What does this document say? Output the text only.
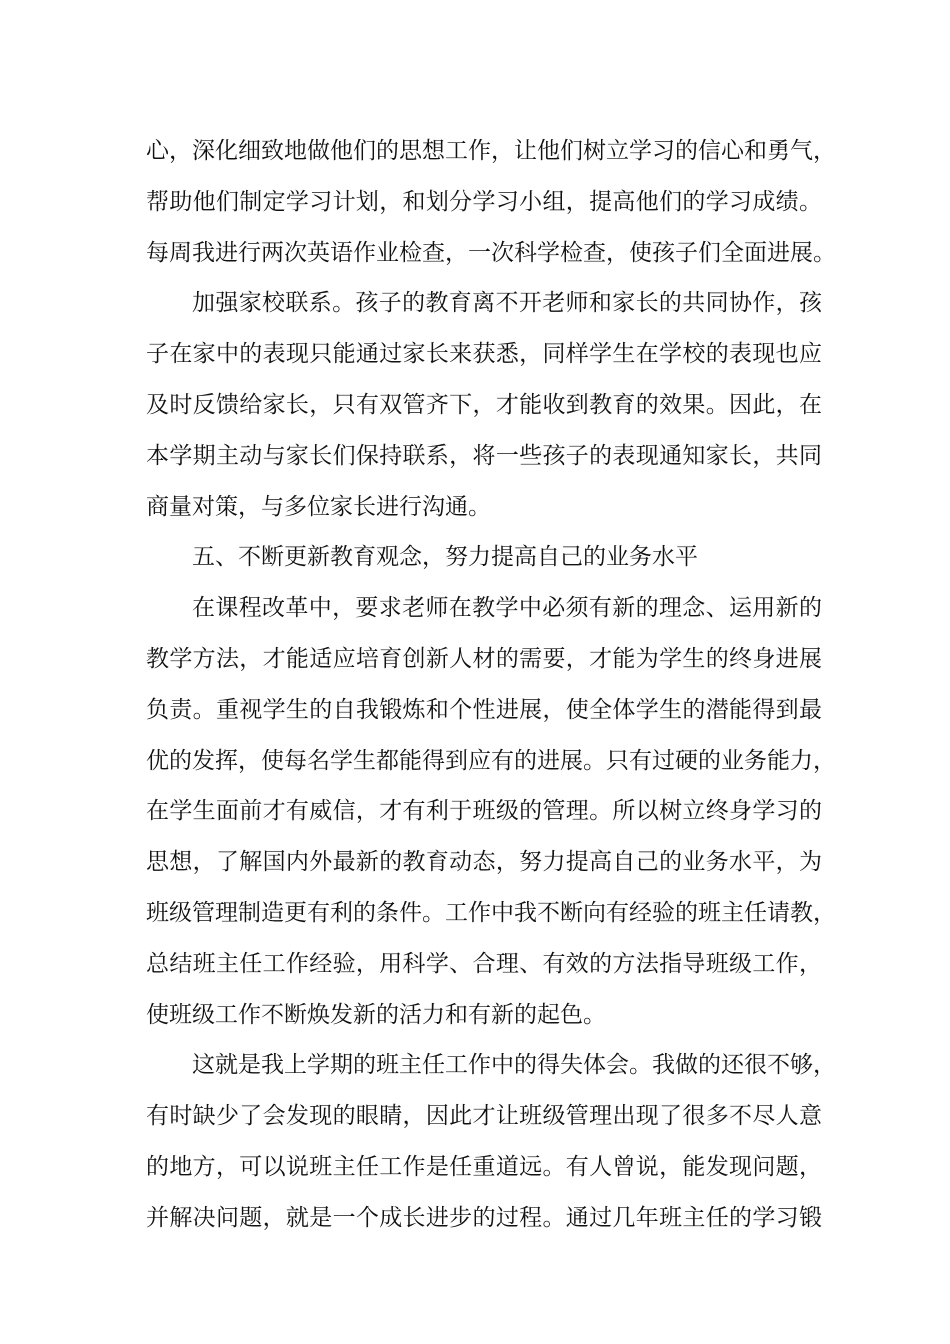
心，深化细致地做他们的思想工作，让他们树立学习的信心和勇气，
帮助他们制定学习计划，和划分学习小组，提高他们的学习成绩。
每周我进行两次英语作业检查，一次科学检查，使孩子们全面进展。
加强家校联系。孩子的教育离不开老师和家长的共同协作，孩
子在家中的表现只能通过家长来获悉，同样学生在学校的表现也应
及时反馈给家长，只有双管齐下，才能收到教育的效果。因此，在
本学期主动与家长们保持联系，将一些孩子的表现通知家长，共同
商量对策，与多位家长进行沟通。
五、不断更新教育观念，努力提高自己的业务水平
在课程改革中，要求老师在教学中必须有新的理念、运用新的
教学方法，才能适应培育创新人材的需要，才能为学生的终身进展
负责。重视学生的自我锻炼和个性进展，使全体学生的潜能得到最
优的发挥，使每名学生都能得到应有的进展。只有过硬的业务能力，
在学生面前才有威信，才有利于班级的管理。所以树立终身学习的
思想，了解国内外最新的教育动态，努力提高自己的业务水平，为
班级管理制造更有利的条件。工作中我不断向有经验的班主任请教，
总结班主任工作经验，用科学、合理、有效的方法指导班级工作，
使班级工作不断焕发新的活力和有新的起色。
这就是我上学期的班主任工作中的得失体会。我做的还很不够，
有时缺少了会发现的眼睛，因此才让班级管理出现了很多不尽人意
的地方，可以说班主任工作是任重道远。有人曾说，能发现问题，
并解决问题，就是一个成长进步的过程。通过几年班主任的学习锻
